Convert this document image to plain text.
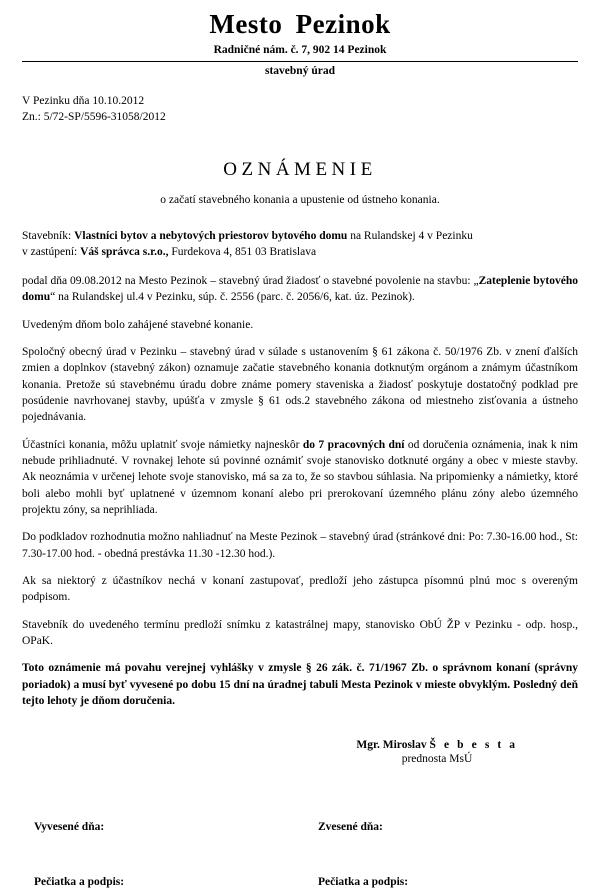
Mesto Pezinok
Radničné nám. č. 7, 902 14 Pezinok
stavebný úrad
V Pezinku dňa 10.10.2012
Zn.: 5/72-SP/5596-31058/2012
OZNÁMENIE
o začatí stavebného konania a upustenie od ústneho konania.
Stavebník: Vlastníci bytov a nebytových priestorov bytového domu na Rulandskej 4 v Pezinku
v zastúpení: Váš správca s.r.o., Furdekova 4, 851 03 Bratislava

podal dňa 09.08.2012 na Mesto Pezinok – stavebný úrad žiadosť o stavebné povolenie na stavbu: „Zateplenie bytového domu“ na Rulandskej ul.4 v Pezinku, súp. č. 2556 (parc. č. 2056/6, kat. úz. Pezinok).

Uvedeným dňom bolo zahájené stavebné konanie.

Spoločný obecný úrad v Pezinku – stavebný úrad v súlade s ustanovením § 61 zákona č. 50/1976 Zb. v znení ďalších zmien a doplnkov (stavebný zákon) oznamuje začatie stavebného konania dotknutým orgánom a známym účastníkom konania. Pretože sú stavebnému úradu dobre známe pomery staveniska a žiadosť poskytuje dostatočný podklad pre posúdenie navrhovanej stavby, upúšťa v zmysle § 61 ods.2 stavebného zákona od miestneho zisťovania a ústneho pojednávania.

Účastníci konania, môžu uplatniť svoje námietky najneskôr do 7 pracovných dní od doručenia oznámenia, inak k nim nebude prihliadnuté. V rovnakej lehote sú povinné oznámiť svoje stanovisko dotknuté orgány a obec v mieste stavby. Ak neoznámia v určenej lehote svoje stanovisko, má sa za to, že so stavbou súhlasia. Na pripomienky a námietky, ktoré boli alebo mohli byť uplatnené v územnom konaní alebo pri prerokovaní územného plánu zóny alebo územného projektu zóny, sa neprihliada.

Do podkladov rozhodnutia možno nahliadnuť na Meste Pezinok – stavebný úrad (stránkové dni: Po: 7.30-16.00 hod., St: 7.30-17.00 hod. - obedná prestávka 11.30 -12.30 hod.).

Ak sa niektorý z účastníkov nechá v konaní zastupovať, predloží jeho zástupca písomnú plnú moc s overeným podpisom.

Stavebník do uvedeného termínu predloží snímku z katastrálnej mapy, stanovisko ObÚ ŽP v Pezinku - odp. hosp., OPaK.

Toto oznámenie má povahu verejnej vyhlášky v zmysle § 26 zák. č. 71/1967 Zb. o správnom konaní (správny poriadok) a musí byť vyvesené po dobu 15 dní na úradnej tabuli Mesta Pezinok v mieste obvyklým. Posledný deň tejto lehoty je dňom doručenia.

Mgr. Miroslav Š e b e s t a
prednosta MsÚ
Vyvesené dňa:	Zvesené dňa:
Pečiatka a podpis:	Pečiatka a podpis:
